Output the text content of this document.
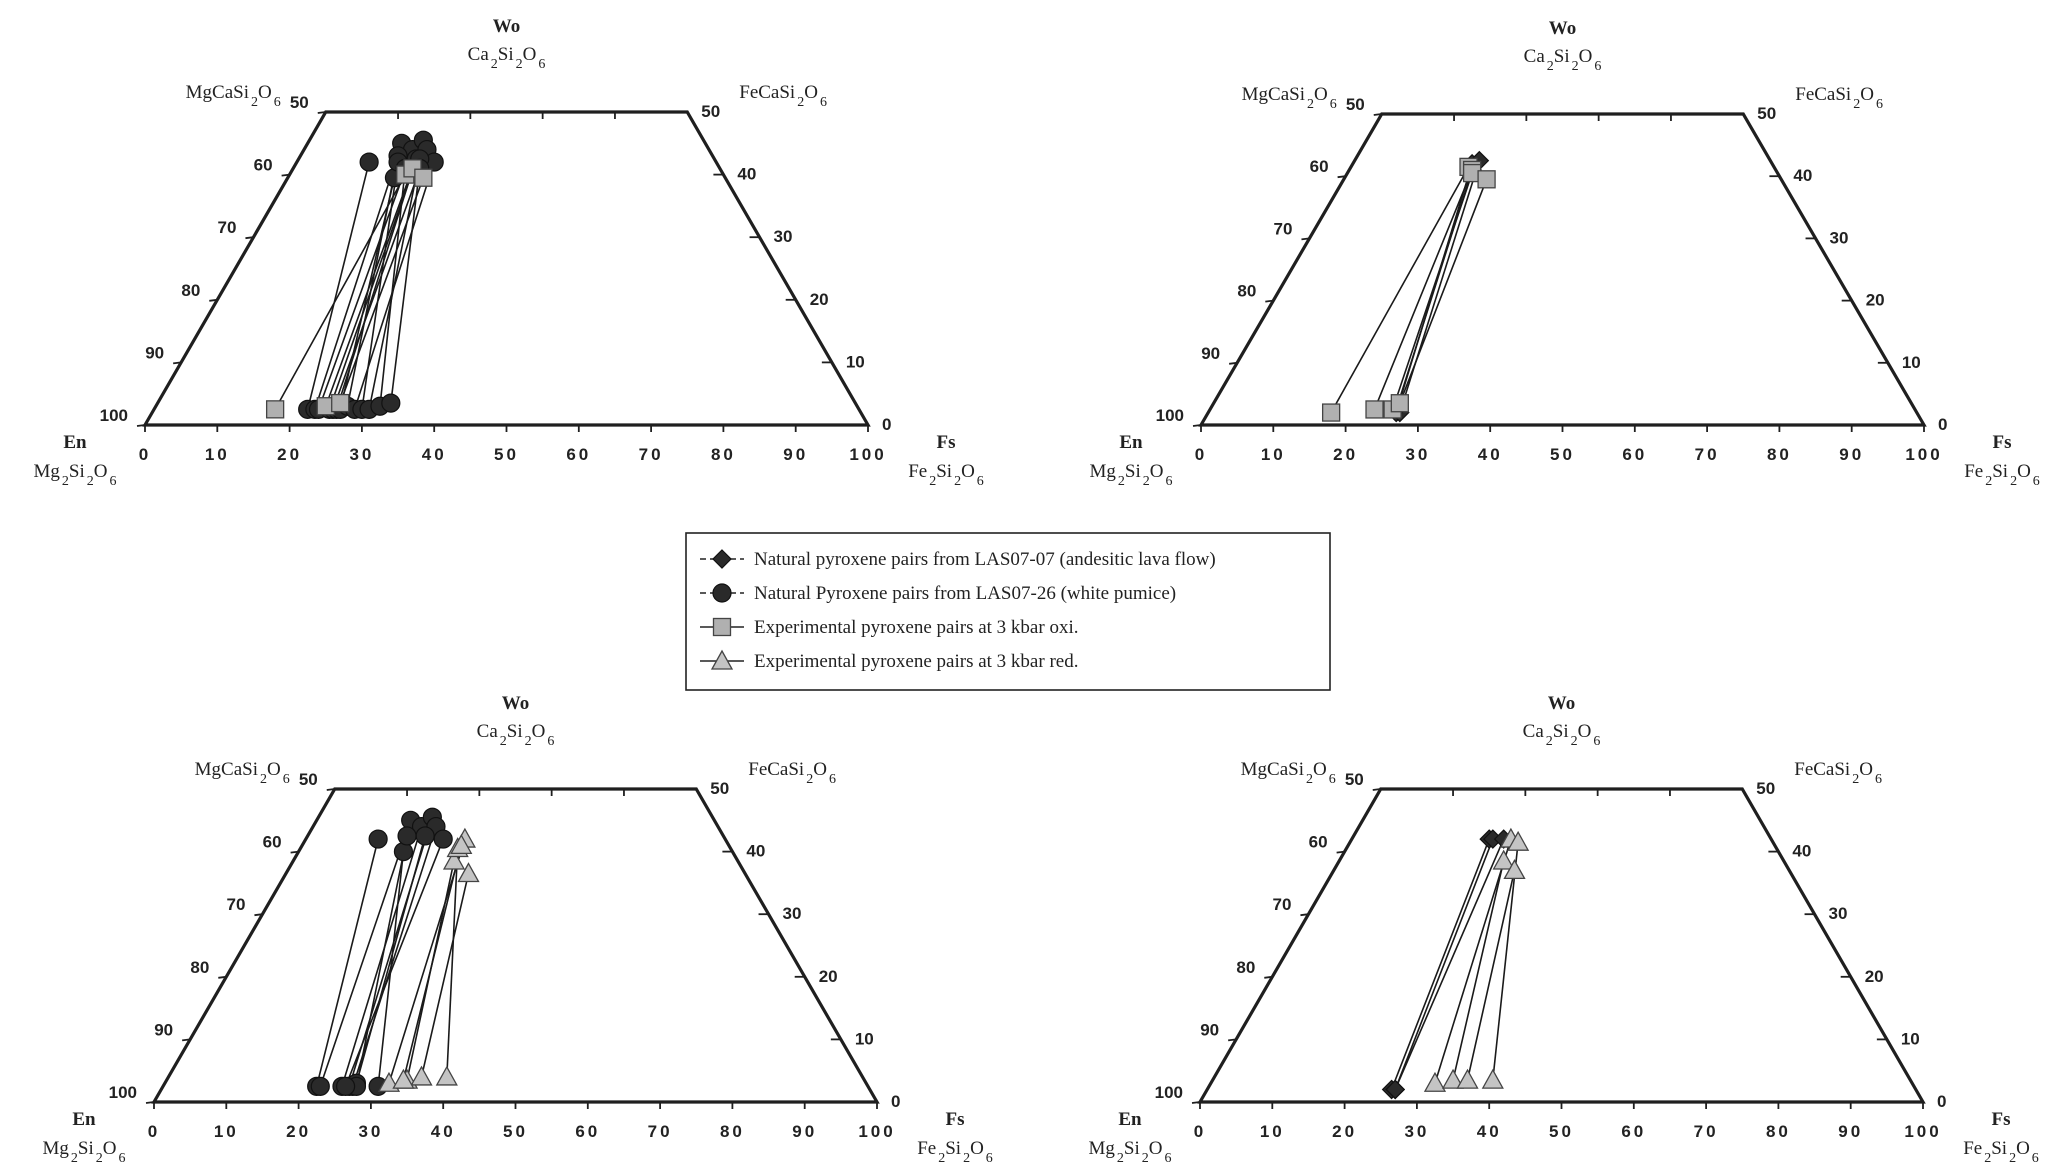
0	10	20	30	40	50	60	70	80	90 100
100
90
80
70
60
50
0
10
20
30
40
50
Wo
Ca $_2$Si $_2$O $_6$
MgCaSi $_2$O $_6$	FeCaSi $_2$O $_6$
En
Mg $_2$Si $_2$O $_6$
Fs
Fe $_2$Si $_2$O $_6$
0	10	20	30	40	50	60	70	80	90 100
100
90
80
70
60
50
0
10
20
30
40
50
Wo
Ca $_2$Si $_2$O $_6$
MgCaSi $_2$O $_6$	FeCaSi $_2$O $_6$
En
Mg $_2$Si $_2$O $_6$
Fs
Fe $_2$Si $_2$O $_6$
0	10	20	30	40	50	60	70	80	90 100
100
90
80
70
60
50
0
10
20
30
40
50
Wo
Ca $_2$Si $_2$O $_6$
MgCaSi $_2$O $_6$	FeCaSi $_2$O $_6$
En
Mg $_2$Si $_2$O $_6$
Fs
Fe $_2$Si $_2$O $_6$
0	10	20	30	40	50	60	70	80	90 100
100
90
80
70
60
50
0
10
20
30
40
50
Wo
Ca $_2$Si $_2$O $_6$
MgCaSi $_2$O $_6$	FeCaSi $_2$O $_6$
En
Mg $_2$Si $_2$O $_6$
Fs
Fe $_2$Si $_2$O $_6$
Natural pyroxene pairs from LAS07-07 (andesitic lava flow)
Natural Pyroxene pairs from LAS07-26 (white pumice)
Experimental pyroxene pairs at 3 kbar oxi.
Experimental pyroxene pairs at 3 kbar red.
